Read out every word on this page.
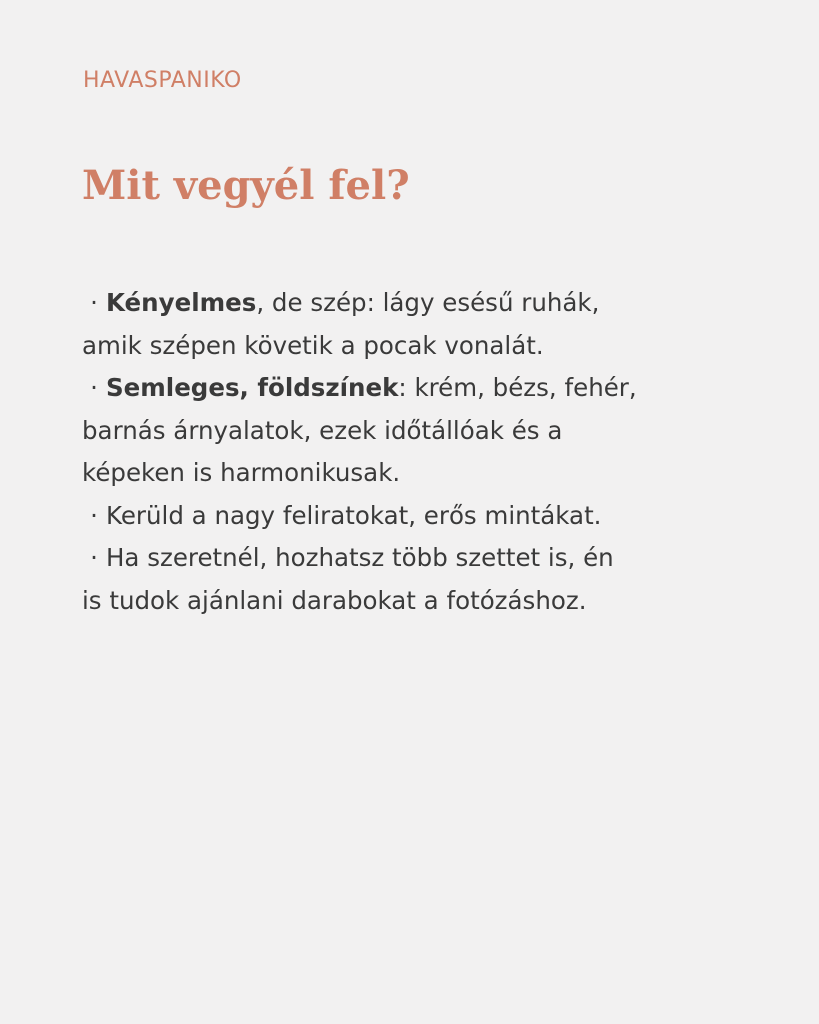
HAVASPANIKO
Mit vegyél fel?
· Kényelmes, de szép: lágy esésű ruhák,
amik szépen követik a pocak vonalát.
· Semleges, földszínek: krém, bézs, fehér,
barnás árnyalatok, ezek időtállóak és a
képeken is harmonikusak.
· Kerüld a nagy feliratokat, erős mintákat.
· Ha szeretnél, hozhatsz több szettet is, én
is tudok ajánlani darabokat a fotózáshoz.
